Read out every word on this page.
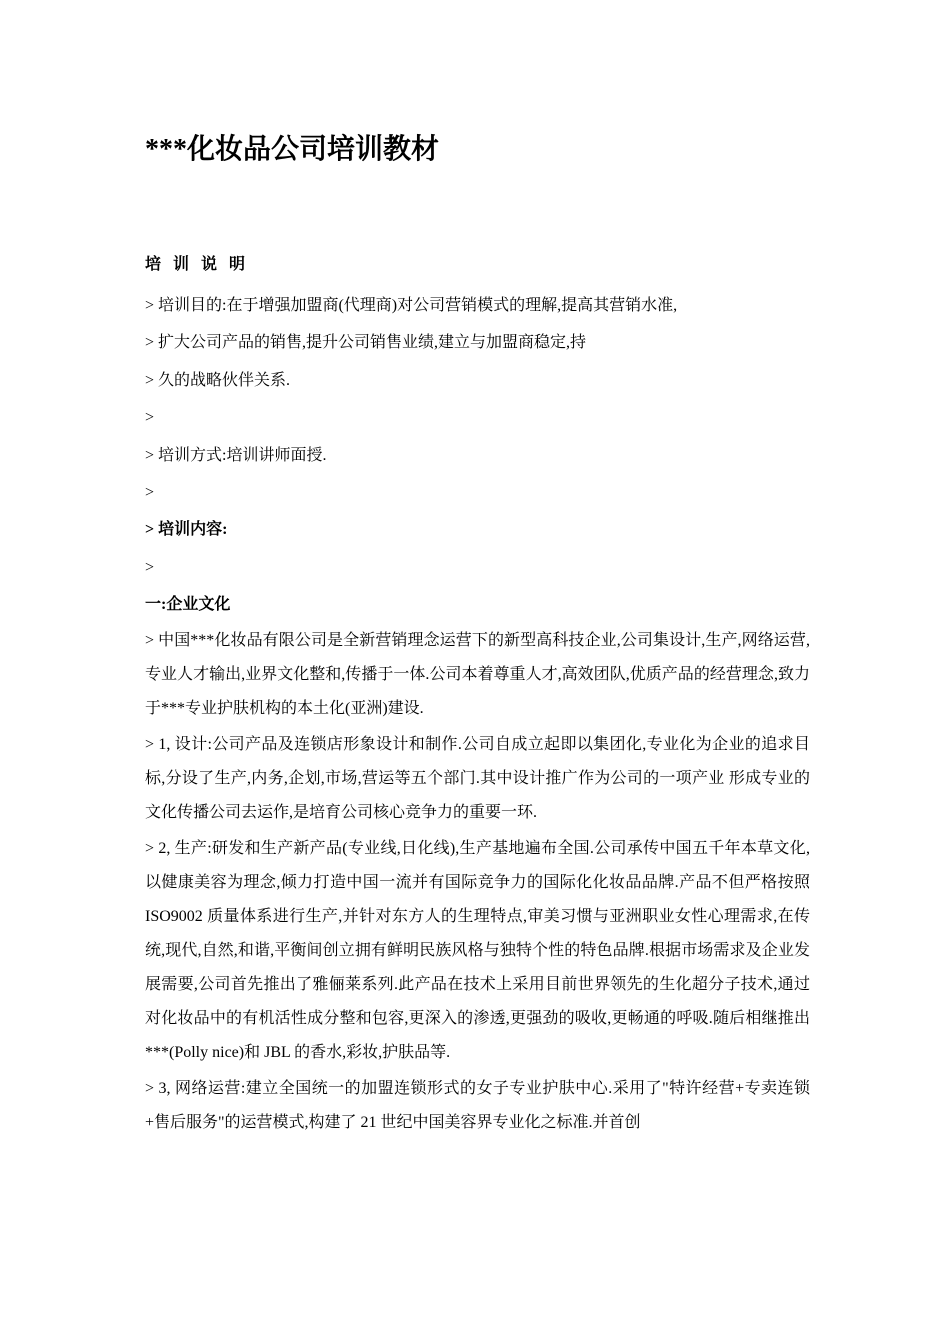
***化妆品公司培训教材
培 训 说 明
> 培训目的:在于增强加盟商(代理商)对公司营销模式的理解,提高其营销水准,
> 扩大公司产品的销售,提升公司销售业绩,建立与加盟商稳定,持
> 久的战略伙伴关系.
>
> 培训方式:培训讲师面授.
>
> 培训内容:
>
一:企业文化

> 中国***化妆品有限公司是全新营销理念运营下的新型高科技企业,公司集设计,生产,网络运营,专业人才输出,业界文化整和,传播于一体.公司本着尊重人才,高效团队,优质产品的经营理念,致力于***专业护肤机构的本土化(亚洲)建设.

> 1, 设计:公司产品及连锁店形象设计和制作.公司自成立起即以集团化,专业化为企业的追求目标,分设了生产,内务,企划,市场,营运等五个部门.其中设计推广作为公司的一项产业 形成专业的文化传播公司去运作,是培育公司核心竞争力的重要一环.

> 2, 生产:研发和生产新产品(专业线,日化线),生产基地遍布全国.公司承传中国五千年本草文化,以健康美容为理念,倾力打造中国一流并有国际竞争力的国际化化妆品品牌.产品不但严格按照 ISO9002 质量体系进行生产,并针对东方人的生理特点,审美习惯与亚洲职业女性心理需求,在传统,现代,自然,和谐,平衡间创立拥有鲜明民族风格与独特个性的特色品牌.根据市场需求及企业发展需要,公司首先推出了雅俪莱系列.此产品在技术上采用目前世界领先的生化超分子技术,通过对化妆品中的有机活性成分整和包容,更深入的渗透,更强劲的吸收,更畅通的呼吸.随后相继推出***(Polly nice)和 JBL 的香水,彩妆,护肤品等.

> 3, 网络运营:建立全国统一的加盟连锁形式的女子专业护肤中心.采用了"特许经营+专卖连锁+售后服务"的运营模式,构建了 21 世纪中国美容界专业化之标准.并首创
